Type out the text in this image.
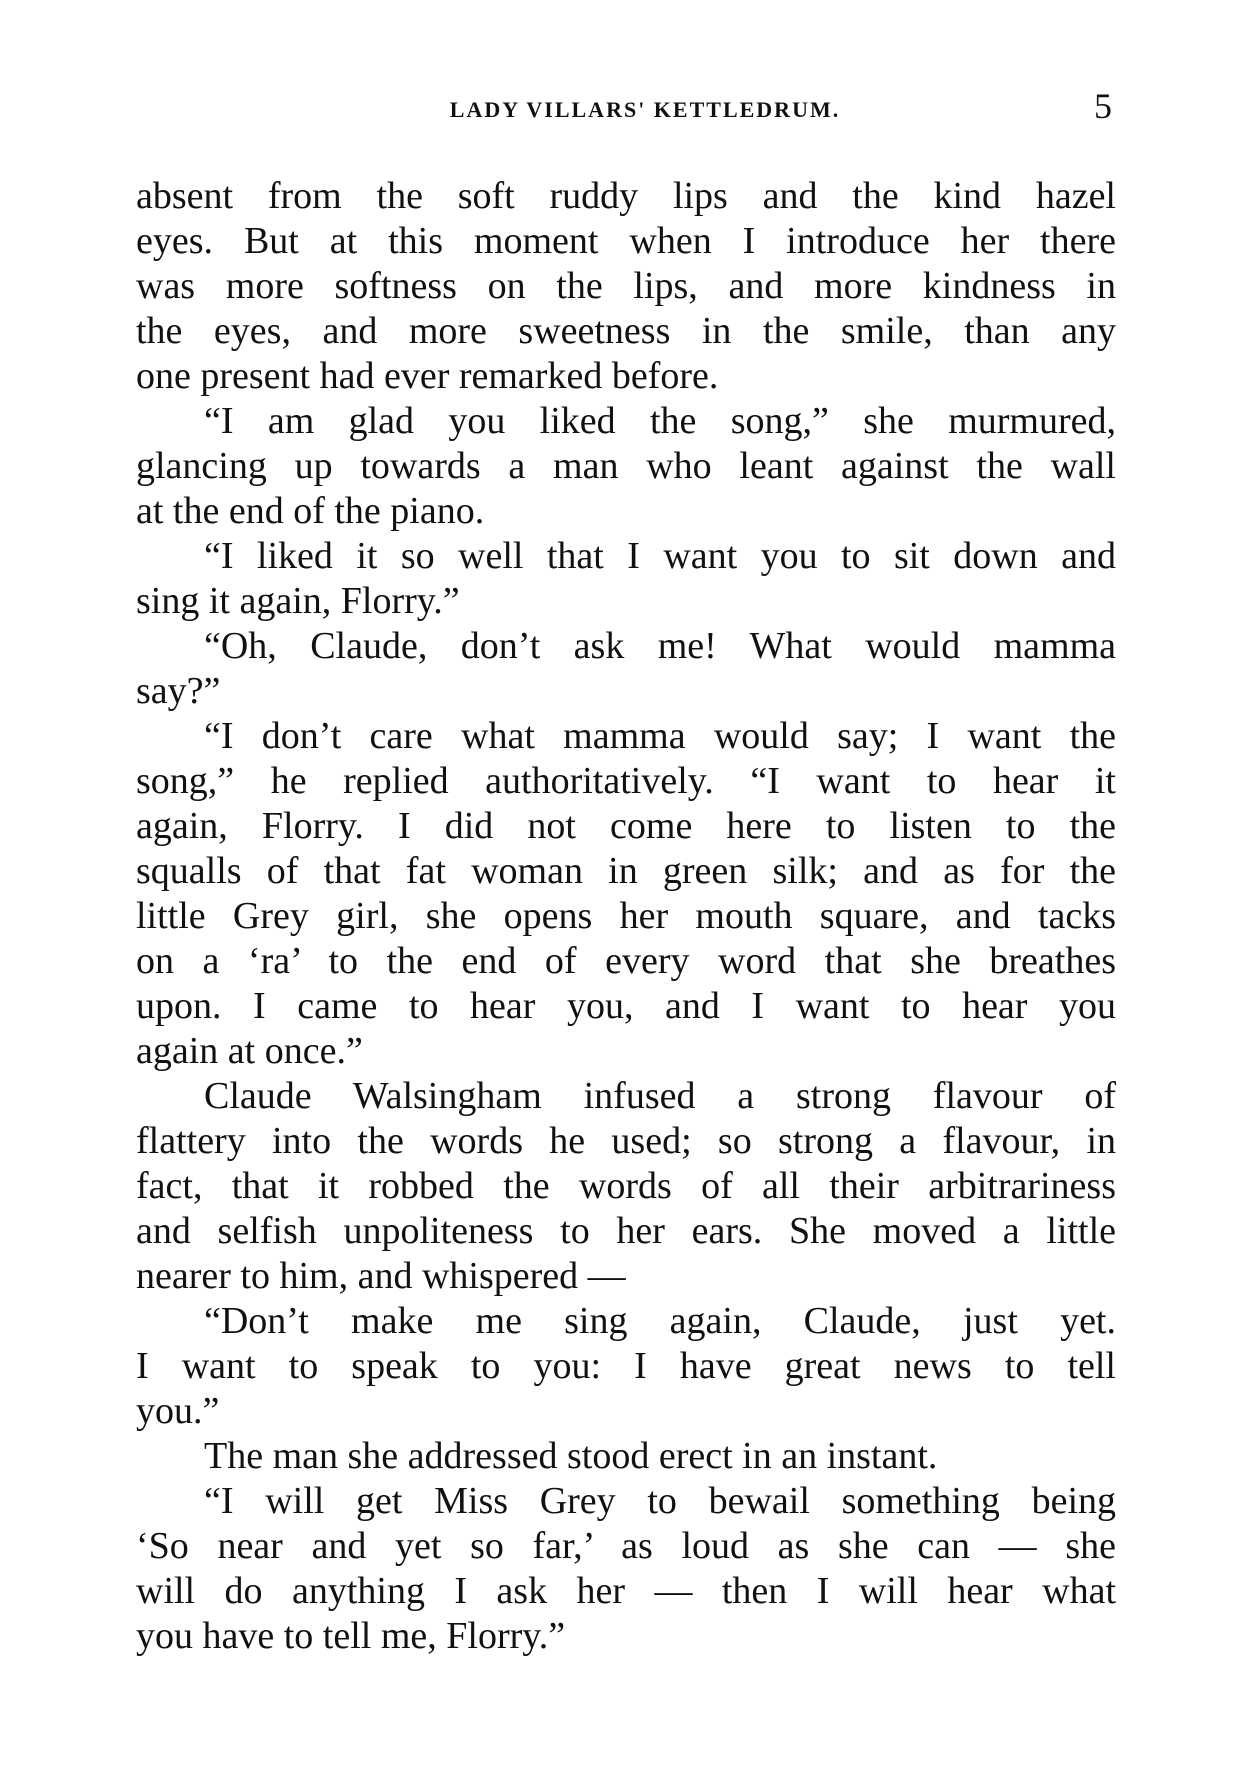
LADY VILLARS' KETTLEDRUM.	5
absent from the soft ruddy lips and the kind hazel
eyes. But at this moment when I introduce her there
was more softness on the lips, and more kindness in
the eyes, and more sweetness in the smile, than any
one present had ever remarked before.
“I am glad you liked the song,” she murmured,
glancing up towards a man who leant against the wall
at the end of the piano.
“I liked it so well that I want you to sit down and
sing it again, Florry.”
“Oh, Claude, don’t ask me! What would mamma
say?”
“I don’t care what mamma would say; I want the
song,” he replied authoritatively. “I want to hear it
again, Florry. I did not come here to listen to the
squalls of that fat woman in green silk; and as for the
little Grey girl, she opens her mouth square, and tacks
on a ‘ra’ to the end of every word that she breathes
upon. I came to hear you, and I want to hear you
again at once.”
Claude Walsingham infused a strong flavour of
flattery into the words he used; so strong a flavour, in
fact, that it robbed the words of all their arbitrariness
and selfish unpoliteness to her ears. She moved a little
nearer to him, and whispered —
“Don’t make me sing again, Claude, just yet.
I want to speak to you: I have great news to tell
you.”
The man she addressed stood erect in an instant.
“I will get Miss Grey to bewail something being
‘So near and yet so far,’ as loud as she can — she
will do anything I ask her — then I will hear what
you have to tell me, Florry.”
